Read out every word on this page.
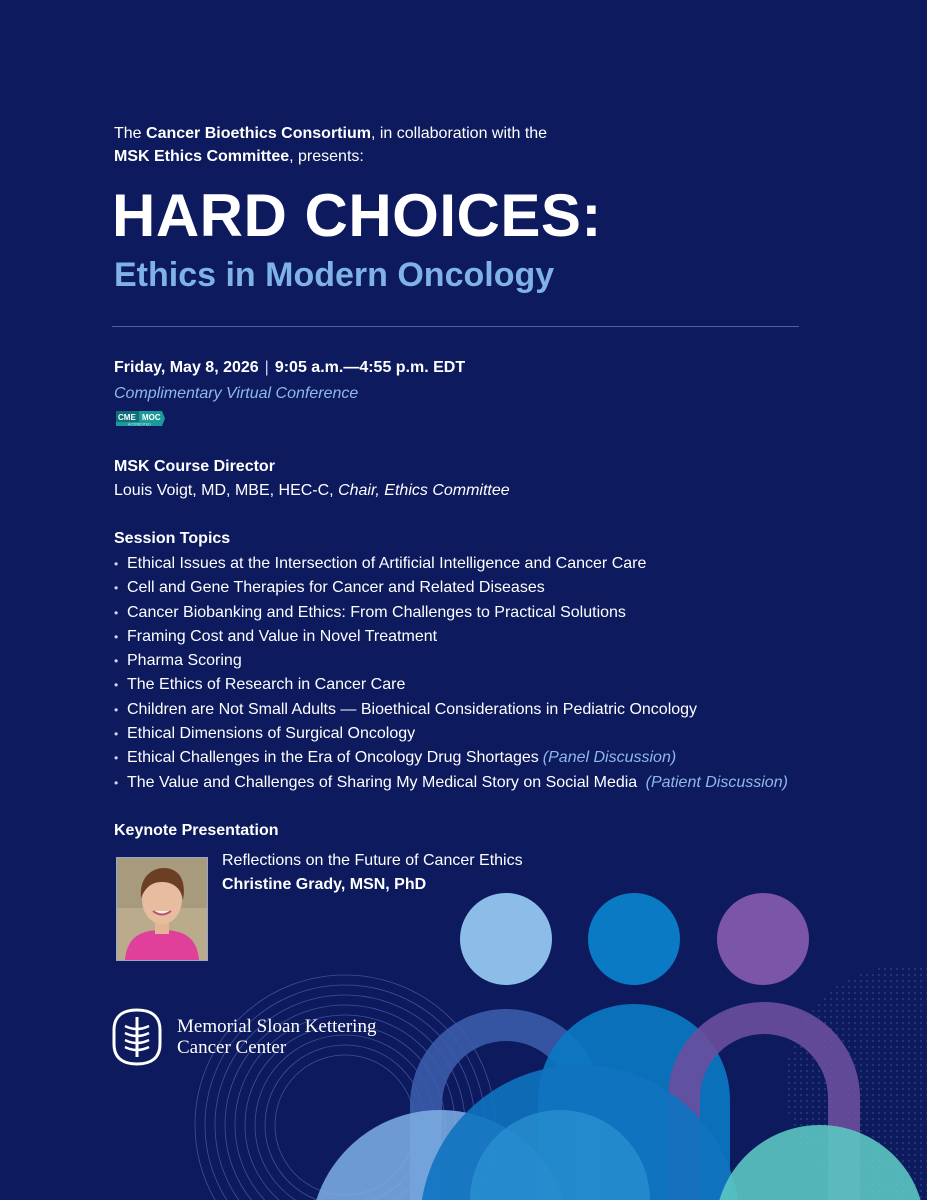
The Cancer Bioethics Consortium, in collaboration with the
MSK Ethics Committee, presents:
HARD CHOICES:
Ethics in Modern Oncology
Friday, May 8, 2026 | 9:05 a.m.—4:55 p.m. EDT
Complimentary Virtual Conference
CME MOC
ACCREDITED
MSK Course Director
Louis Voigt, MD, MBE, HEC-C, Chair, Ethics Committee
Session Topics
• Ethical Issues at the Intersection of Artificial Intelligence and Cancer Care
• Cell and Gene Therapies for Cancer and Related Diseases
• Cancer Biobanking and Ethics: From Challenges to Practical Solutions
• Framing Cost and Value in Novel Treatment
• Pharma Scoring
• The Ethics of Research in Cancer Care
• Children are Not Small Adults — Bioethical Considerations in Pediatric Oncology
• Ethical Dimensions of Surgical Oncology
• Ethical Challenges in the Era of Oncology Drug Shortages (Panel Discussion)
• The Value and Challenges of Sharing My Medical Story on Social Media (Patient Discussion)
Keynote Presentation
Reflections on the Future of Cancer Ethics
Christine Grady, MSN, PhD
Memorial Sloan Kettering
Cancer Center
